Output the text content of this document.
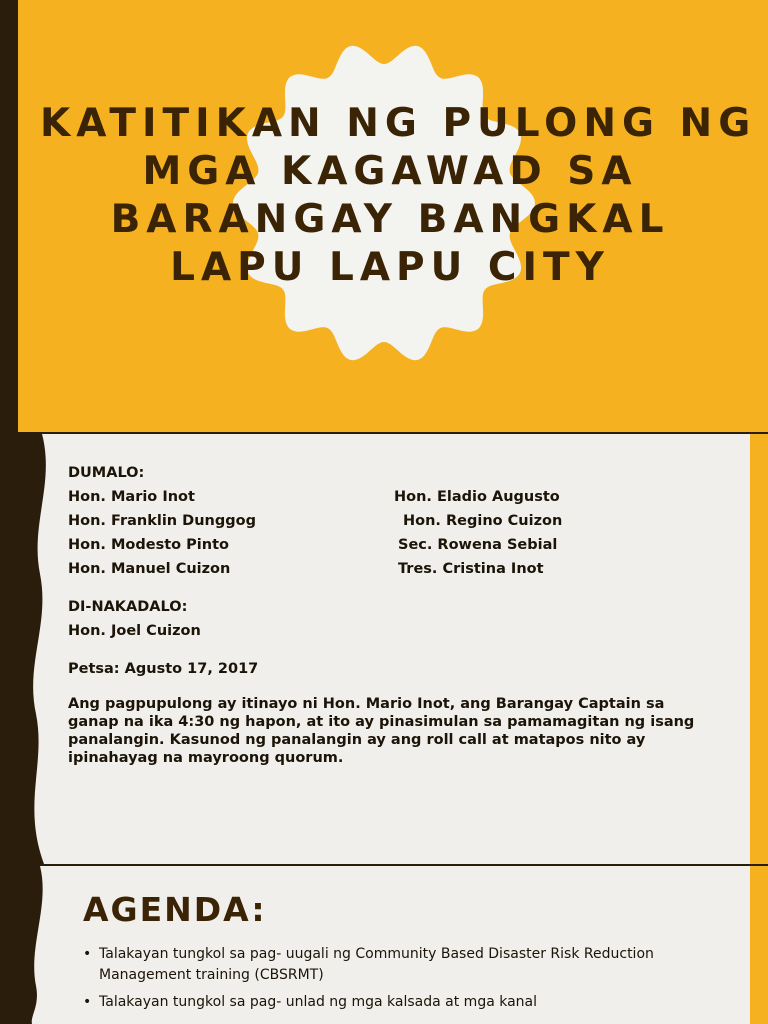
KATITIKAN NG PULONG NG
MGA KAGAWAD SA
BARANGAY BANGKAL
LAPU LAPU CITY
DUMALO:
Hon. Mario Inot	Hon. Eladio Augusto
Hon. Franklin Dunggog	Hon. Regino Cuizon
Hon. Modesto Pinto	Sec. Rowena Sebial
Hon. Manuel Cuizon	Tres. Cristina Inot
DI-NAKADALO:
Hon. Joel Cuizon
Petsa: Agusto 17, 2017
Ang pagpupulong ay itinayo ni Hon. Mario Inot, ang Barangay Captain sa ganap na ika 4:30 ng hapon, at ito ay pinasimulan sa pamamagitan ng isang panalangin. Kasunod ng panalangin ay ang roll call at matapos nito ay ipinahayag na mayroong quorum.
AGENDA:
• Talakayan tungkol sa pag- uugali ng Community Based Disaster Risk Reduction Management training (CBSRMT)
• Talakayan tungkol sa pag- unlad ng mga kalsada at mga kanal
